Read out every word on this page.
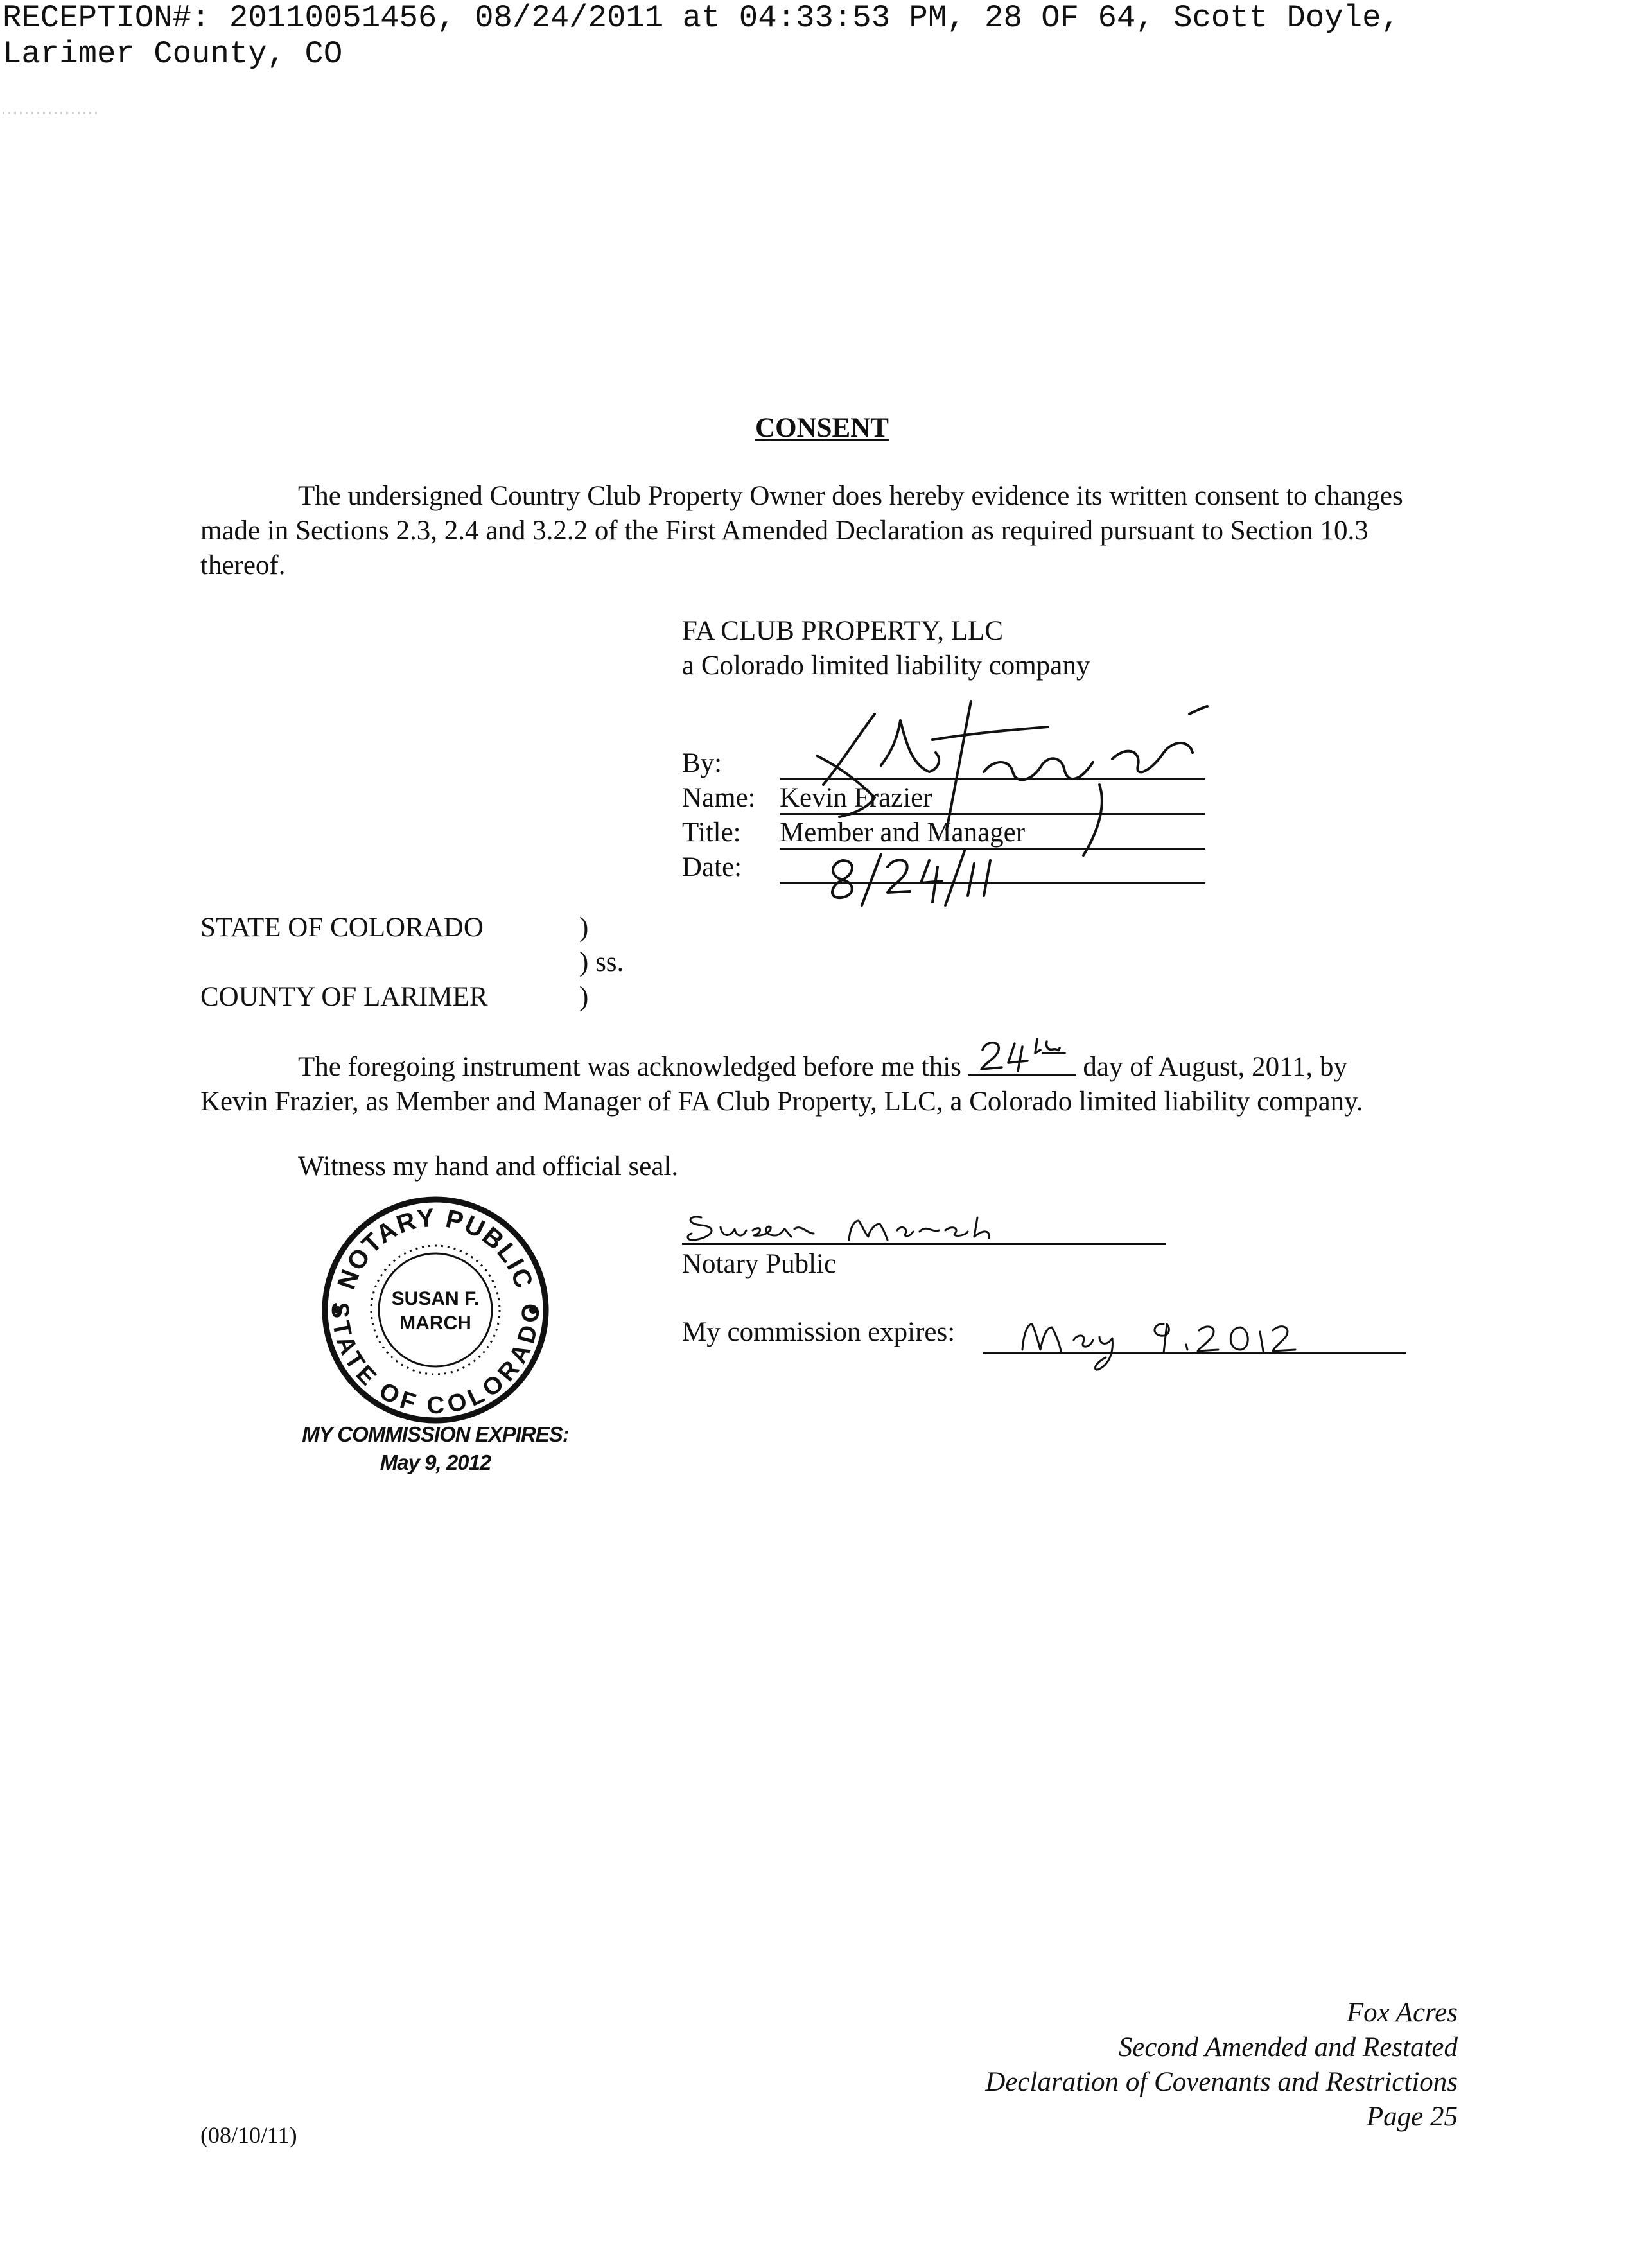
RECEPTION#: 20110051456, 08/24/2011 at 04:33:53 PM, 28 OF 64, Scott Doyle,
Larimer County, CO
CONSENT
The undersigned Country Club Property Owner does hereby evidence its written consent to changes made in Sections 2.3, 2.4 and 3.2.2 of the First Amended Declaration as required pursuant to Section 10.3 thereof.
FA CLUB PROPERTY, LLC
a Colorado limited liability company
By:
Name: Kevin Frazier
Title: Member and Manager
Date:
STATE OF COLORADO	)
) ss.
COUNTY OF LARIMER	)
The foregoing instrument was acknowledged before me this	day of August, 2011, by
Kevin Frazier, as Member and Manager of FA Club Property, LLC, a Colorado limited liability company.
Witness my hand and official seal.
Notary Public
My commission expires:
NOTARY PUBLIC
STATE OF COLORADO
SUSAN F.
MARCH
MY COMMISSION EXPIRES:
May 9, 2012
Fox Acres
Second Amended and Restated
Declaration of Covenants and Restrictions
Page 25
(08/10/11)
